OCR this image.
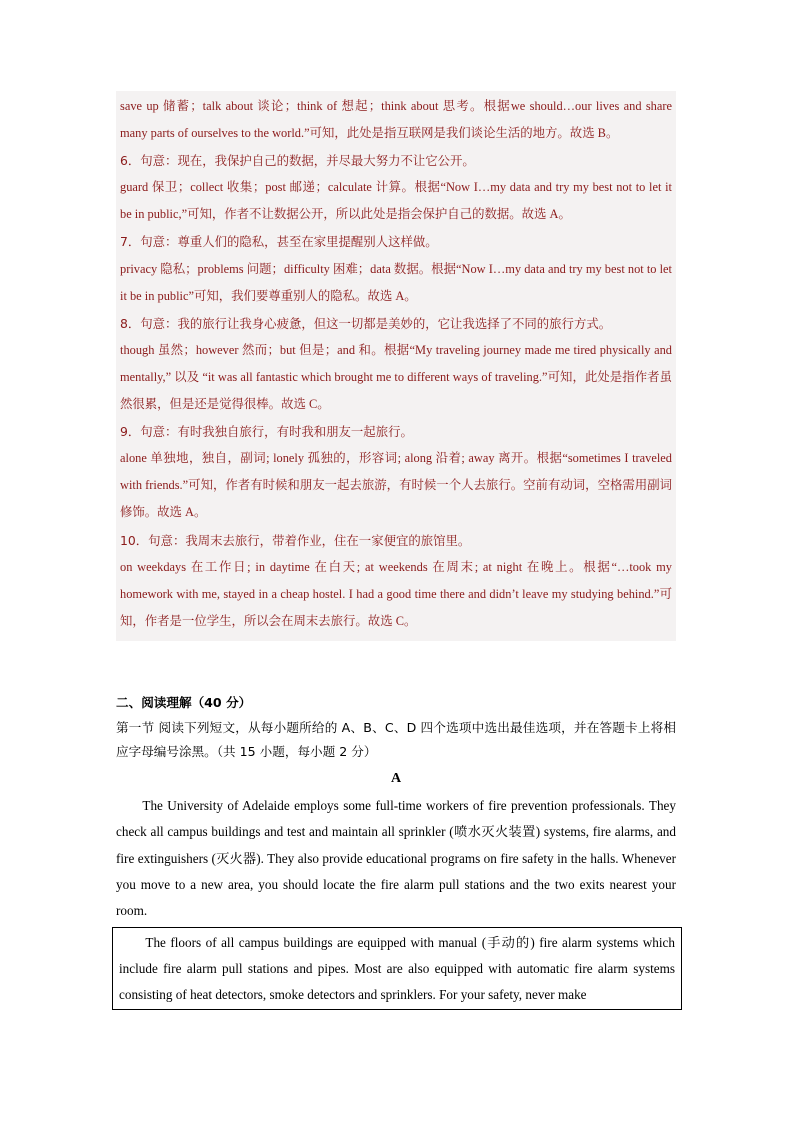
save up 储蓄；talk about 谈论；think of 想起；think about 思考。根据we should…our lives and share many parts of ourselves to the world.”可知，此处是指互联网是我们谈论生活的地方。故选 B。

6．句意：现在，我保护自己的数据，并尽最大努力不让它公开。

guard 保卫；collect 收集；post 邮递；calculate 计算。根据“Now I…my data and try my best not to let it be in public,”可知，作者不让数据公开，所以此处是指会保护自己的数据。故选 A。

7．句意：尊重人们的隐私，甚至在家里提醒别人这样做。

privacy 隐私；problems 问题；difficulty 困难；data 数据。根据“Now I…my data and try my best not to let it be in public”可知，我们要尊重别人的隐私。故选 A。

8．句意：我的旅行让我身心疲惫，但这一切都是美妙的，它让我选择了不同的旅行方式。

though 虽然；however 然而；but 但是；and 和。根据“My traveling journey made me tired physically and mentally,” 以及 “it was all fantastic which brought me to different ways of traveling.”可知，此处是指作者虽然很累，但是还是觉得很棒。故选 C。

9．句意：有时我独自旅行，有时我和朋友一起旅行。

alone 单独地，独自，副词; lonely 孤独的，形容词; along 沿着; away 离开。根据“sometimes I traveled with friends.”可知，作者有时候和朋友一起去旅游，有时候一个人去旅行。空前有动词，空格需用副词修饰。故选 A。

10．句意：我周末去旅行，带着作业，住在一家便宜的旅馆里。

on weekdays 在工作日; in daytime 在白天; at weekends 在周末; at night 在晚上。根据“…took my homework with me, stayed in a cheap hostel. I had a good time there and didn’t leave my studying behind.”可知，作者是一位学生，所以会在周末去旅行。故选 C。

二、阅读理解（40 分）
第一节 阅读下列短文，从每小题所给的 A、B、C、D 四个选项中选出最佳选项，并在答题卡上将相应字母编号涂黑。（共 15 小题，每小题 2 分）
A

The University of Adelaide employs some full-time workers of fire prevention professionals. They check all campus buildings and test and maintain all sprinkler (喷水灭火装置) systems, fire alarms, and fire extinguishers (灭火器). They also provide educational programs on fire safety in the halls. Whenever you move to a new area, you should locate the fire alarm pull stations and the two exits nearest your room.

The floors of all campus buildings are equipped with manual (手动的) fire alarm systems which include fire alarm pull stations and pipes. Most are also equipped with automatic fire alarm systems consisting of heat detectors, smoke detectors and sprinklers. For your safety, never make
